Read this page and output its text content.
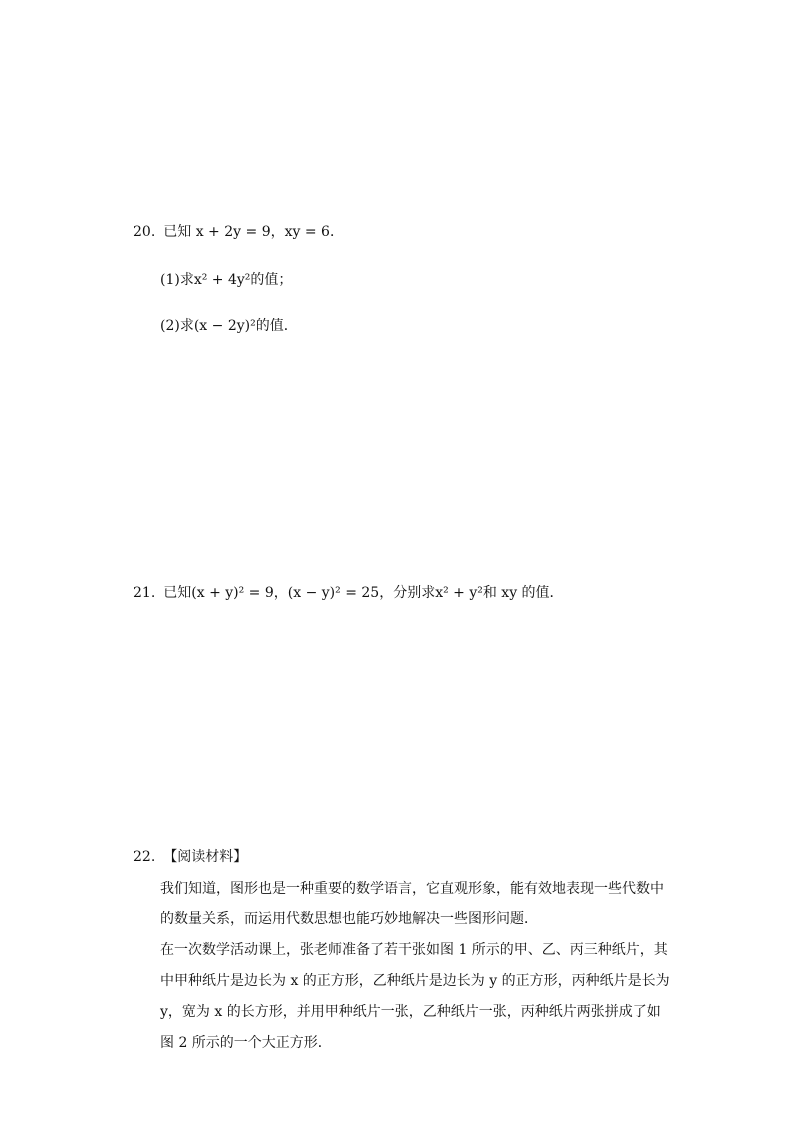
20. 已知 x + 2y = 9，xy = 6．
(1)求x² + 4y²的值；
(2)求(x − 2y)²的值．
21. 已知(x + y)² = 9，(x − y)² = 25，分别求x² + y²和 xy 的值．
22. 【阅读材料】
我们知道，图形也是一种重要的数学语言，它直观形象，能有效地表现一些代数中
的数量关系，而运用代数思想也能巧妙地解决一些图形问题．
在一次数学活动课上，张老师准备了若干张如图 1 所示的甲、乙、丙三种纸片，其
中甲种纸片是边长为 x 的正方形，乙种纸片是边长为 y 的正方形，丙种纸片是长为
y，宽为 x 的长方形，并用甲种纸片一张，乙种纸片一张，丙种纸片两张拼成了如
图 2 所示的一个大正方形．
